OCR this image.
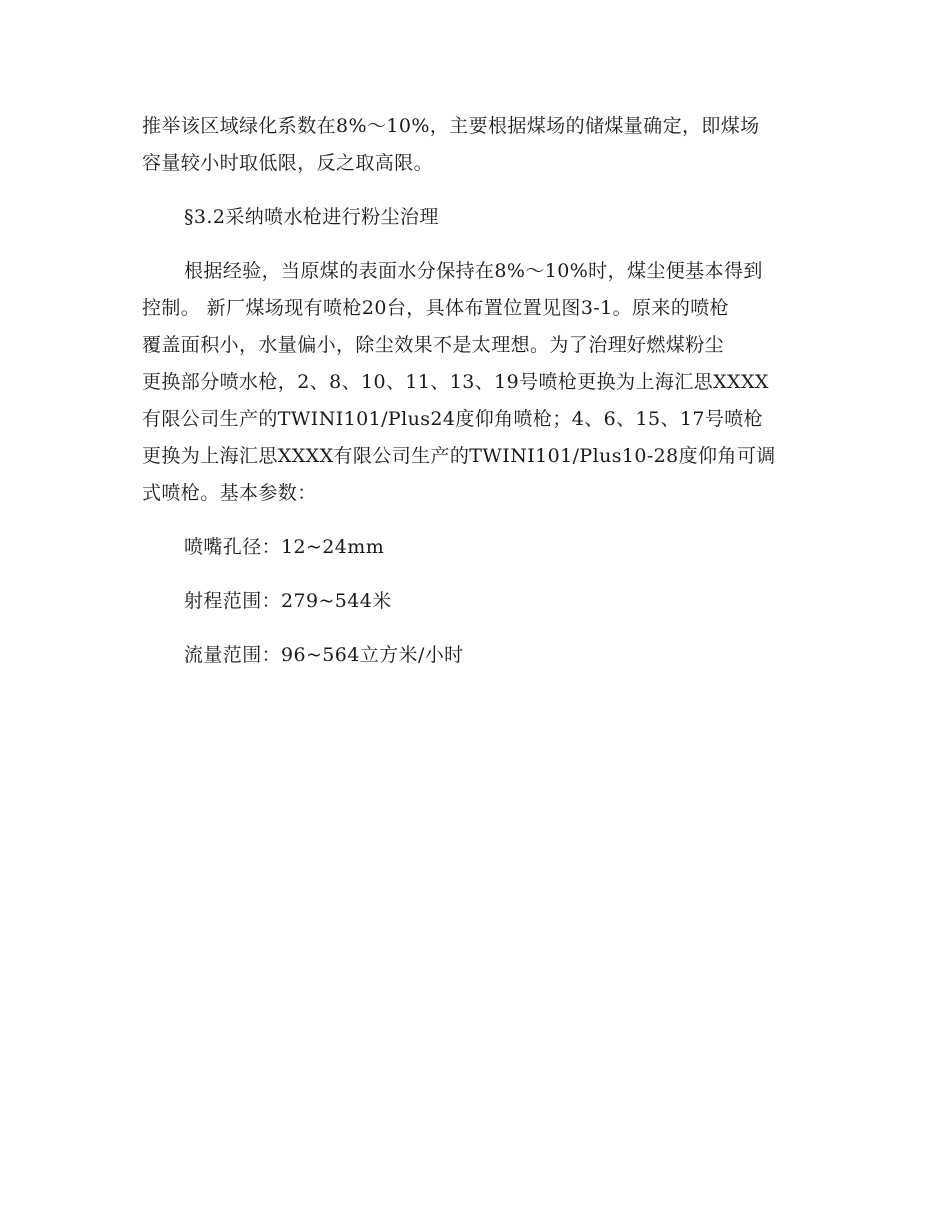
推举该区域绿化系数在8%～10%，主要根据煤场的储煤量确定，即煤场
容量较小时取低限，反之取高限。

§3.2采纳喷水枪进行粉尘治理

根据经验，当原煤的表面水分保持在8%～10%时，煤尘便基本得到
控制。 新厂煤场现有喷枪20台，具体布置位置见图3-1。原来的喷枪
覆盖面积小，水量偏小，除尘效果不是太理想。为了治理好燃煤粉尘
更换部分喷水枪，2、8、10、11、13、19号喷枪更换为上海汇思XXXX
有限公司生产的TWINI101/Plus24度仰角喷枪；4、6、15、17号喷枪
更换为上海汇思XXXX有限公司生产的TWINI101/Plus10-28度仰角可调
式喷枪。基本参数：

喷嘴孔径：12~24mm

射程范围：279~544米

流量范围：96~564立方米/小时
